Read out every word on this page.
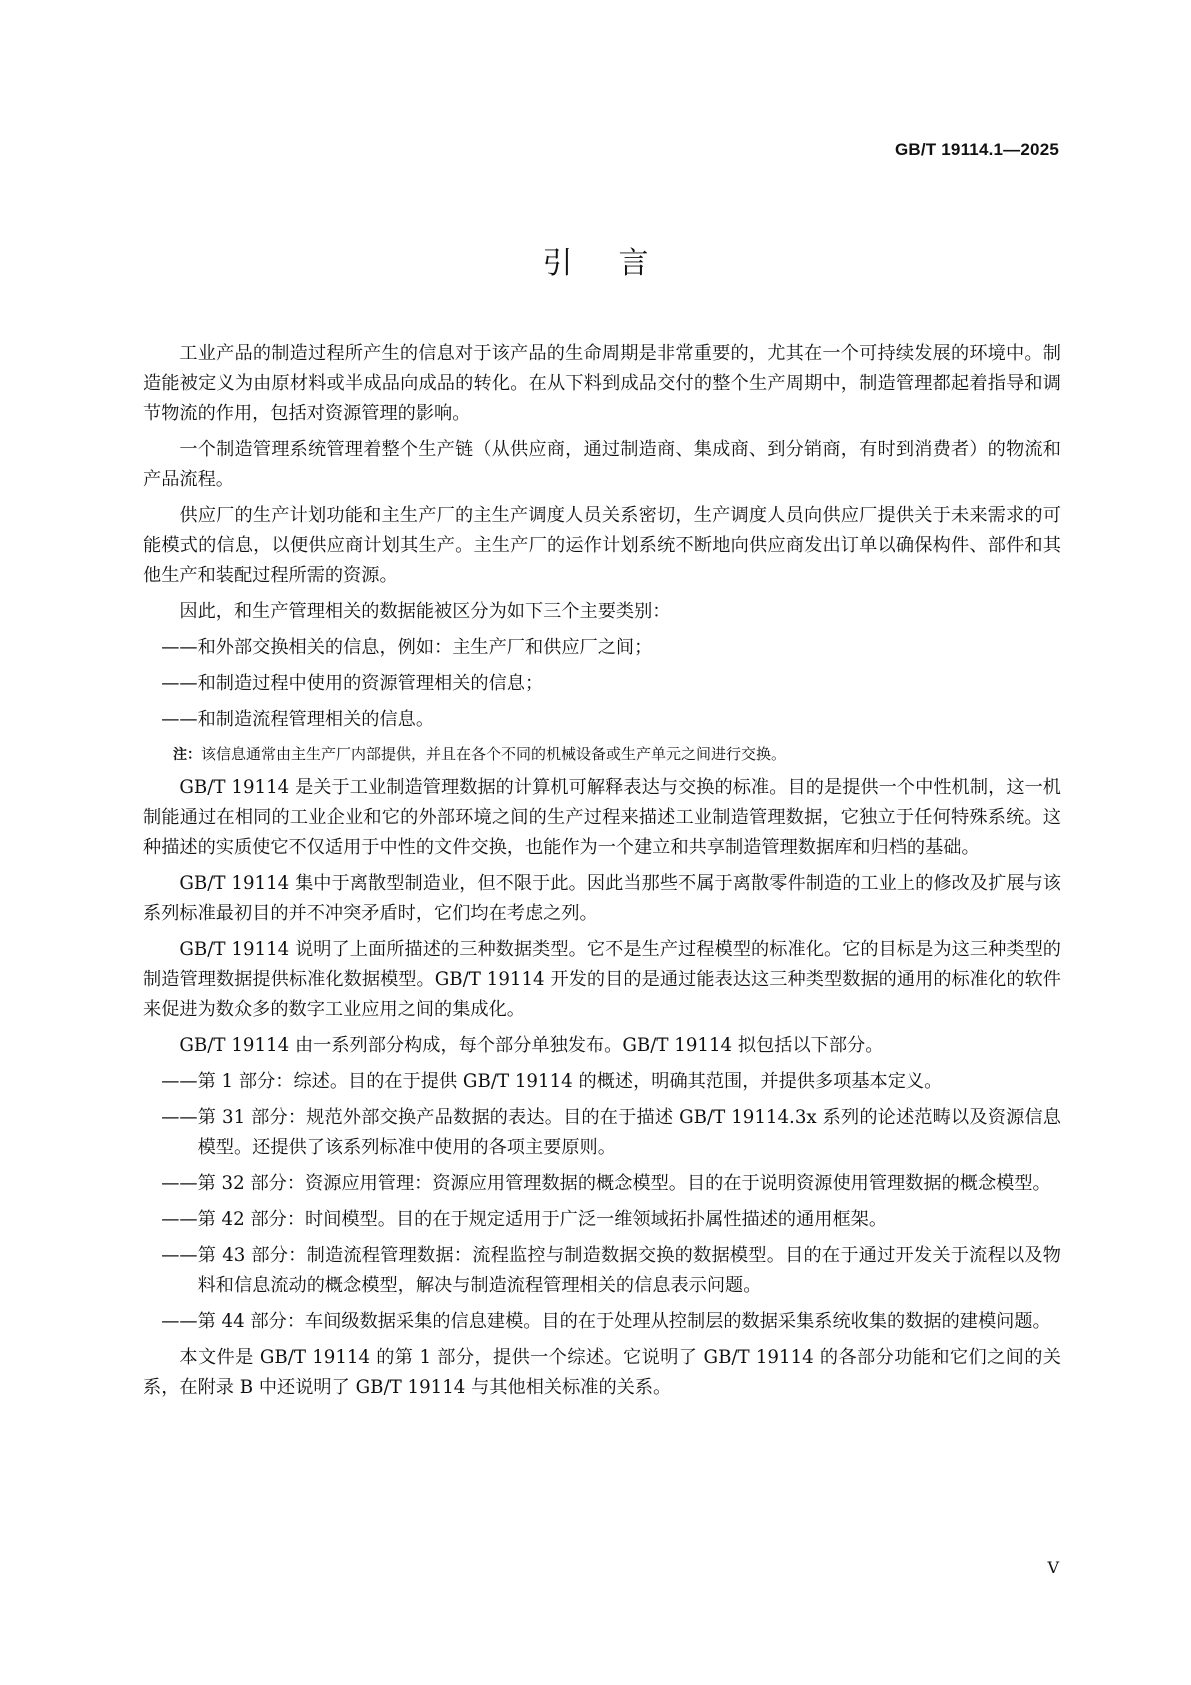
GB/T 19114.1—2025
引言

工业产品的制造过程所产生的信息对于该产品的生命周期是非常重要的，尤其在一个可持续发展的环境中。制造能被定义为由原材料或半成品向成品的转化。在从下料到成品交付的整个生产周期中，制造管理都起着指导和调节物流的作用，包括对资源管理的影响。

一个制造管理系统管理着整个生产链（从供应商，通过制造商、集成商、到分销商，有时到消费者）的物流和产品流程。

供应厂的生产计划功能和主生产厂的主生产调度人员关系密切，生产调度人员向供应厂提供关于未来需求的可能模式的信息，以便供应商计划其生产。主生产厂的运作计划系统不断地向供应商发出订单以确保构件、部件和其他生产和装配过程所需的资源。

因此，和生产管理相关的数据能被区分为如下三个主要类别：

——和外部交换相关的信息，例如：主生产厂和供应厂之间；
——和制造过程中使用的资源管理相关的信息；
——和制造流程管理相关的信息。
注：该信息通常由主生产厂内部提供，并且在各个不同的机械设备或生产单元之间进行交换。

GB/T 19114 是关于工业制造管理数据的计算机可解释表达与交换的标准。目的是提供一个中性机制，这一机制能通过在相同的工业企业和它的外部环境之间的生产过程来描述工业制造管理数据，它独立于任何特殊系统。这种描述的实质使它不仅适用于中性的文件交换，也能作为一个建立和共享制造管理数据库和归档的基础。

GB/T 19114 集中于离散型制造业，但不限于此。因此当那些不属于离散零件制造的工业上的修改及扩展与该系列标准最初目的并不冲突矛盾时，它们均在考虑之列。

GB/T 19114 说明了上面所描述的三种数据类型。它不是生产过程模型的标准化。它的目标是为这三种类型的制造管理数据提供标准化数据模型。GB/T 19114 开发的目的是通过能表达这三种类型数据的通用的标准化的软件来促进为数众多的数字工业应用之间的集成化。

GB/T 19114 由一系列部分构成，每个部分单独发布。GB/T 19114 拟包括以下部分。

——第 1 部分：综述。目的在于提供 GB/T 19114 的概述，明确其范围，并提供多项基本定义。
——第 31 部分：规范外部交换产品数据的表达。目的在于描述 GB/T 19114.3x 系列的论述范畴以及资源信息模型。还提供了该系列标准中使用的各项主要原则。
——第 32 部分：资源应用管理：资源应用管理数据的概念模型。目的在于说明资源使用管理数据的概念模型。
——第 42 部分：时间模型。目的在于规定适用于广泛一维领域拓扑属性描述的通用框架。
——第 43 部分：制造流程管理数据：流程监控与制造数据交换的数据模型。目的在于通过开发关于流程以及物料和信息流动的概念模型，解决与制造流程管理相关的信息表示问题。
——第 44 部分：车间级数据采集的信息建模。目的在于处理从控制层的数据采集系统收集的数据的建模问题。

本文件是 GB/T 19114 的第 1 部分，提供一个综述。它说明了 GB/T 19114 的各部分功能和它们之间的关系，在附录 B 中还说明了 GB/T 19114 与其他相关标准的关系。

V
